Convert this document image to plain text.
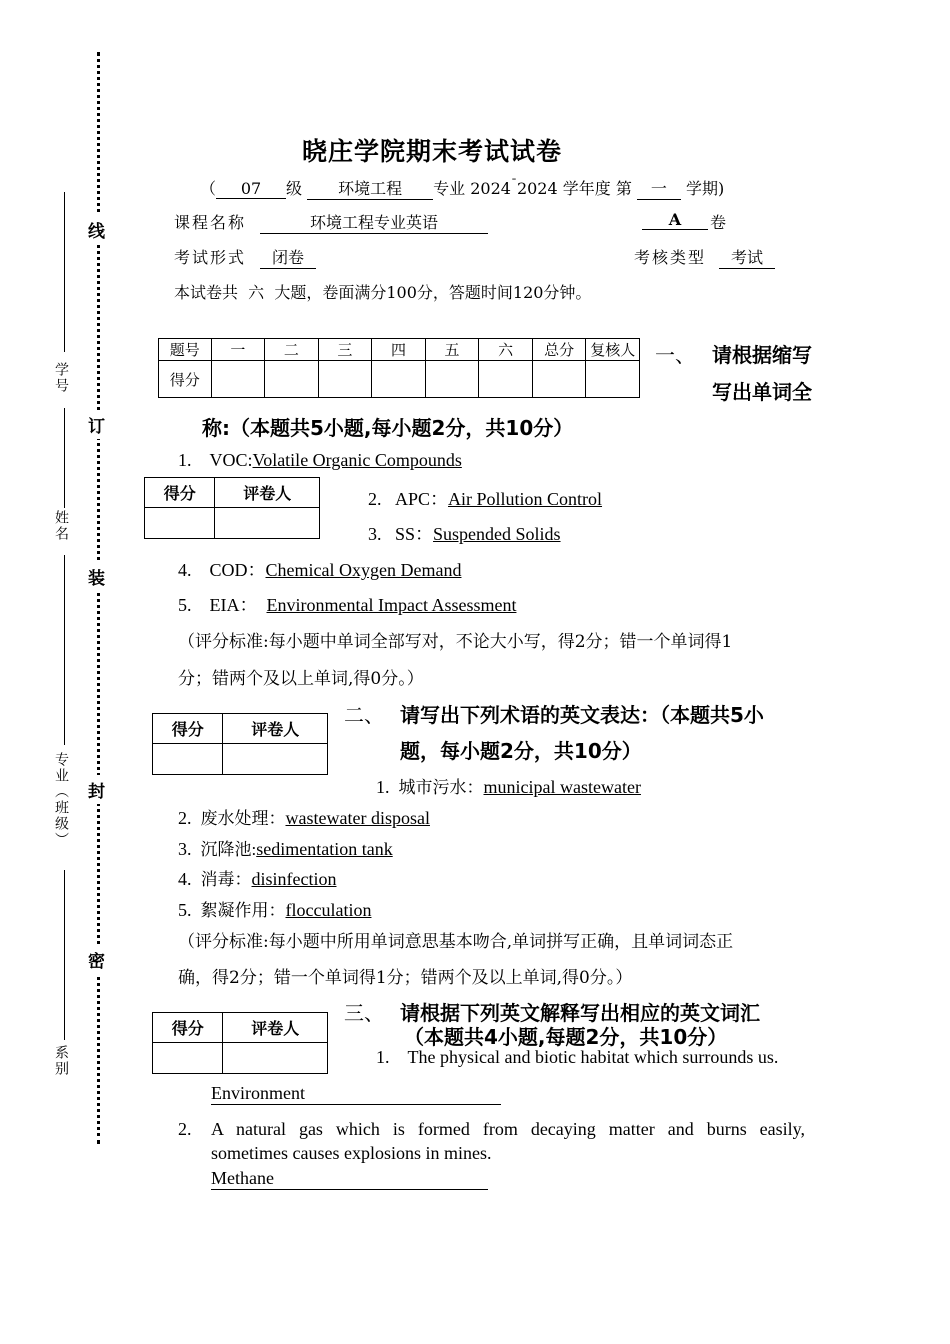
线
订
装
封
密
学号
姓名
专业（班级）
系别
晓庄学院期末考试试卷
（ 07 级 环境工程 专业 2024¯2024 学年度 第 一 学期)
课程名称	环境工程专业英语	A	卷
考试形式	闭卷	考核类型	考试
本试卷共  六  大题，卷面满分100分，答题时间120分钟。
题号	一	二	三	四	五	六	总分	复核人
得分								
一、 请根据缩写
写出单词全
称:（本题共5小题,每小题2分，共10分）
1. VOC:Volatile Organic Compounds
得分	评卷人
		2. APC：Air Pollution Control
3. SS：Suspended Solids
4. COD：Chemical Oxygen Demand
5. EIA： Environmental Impact Assessment
（评分标准:每小题中单词全部写对，不论大小写，得2分；错一个单词得1
分；错两个及以上单词,得0分。）
得分	评卷人

二、 请写出下列术语的英文表达：（本题共5小
题，每小题2分，共10分）
1. 城市污水：municipal wastewater
2. 废水处理：wastewater disposal
3. 沉降池:sedimentation tank
4. 消毒：disinfection
5. 絮凝作用：flocculation
（评分标准:每小题中所用单词意思基本吻合,单词拼写正确，且单词词态正
确，得2分；错一个单词得1分；错两个及以上单词,得0分。）
得分	评卷人

三、 请根据下列英文解释写出相应的英文词汇
（本题共4小题,每题2分，共10分）
1. The physical and biotic habitat which surrounds us.
Environment
2. A natural gas which is formed from decaying matter and burns easily,
sometimes causes explosions in mines.
Methane
